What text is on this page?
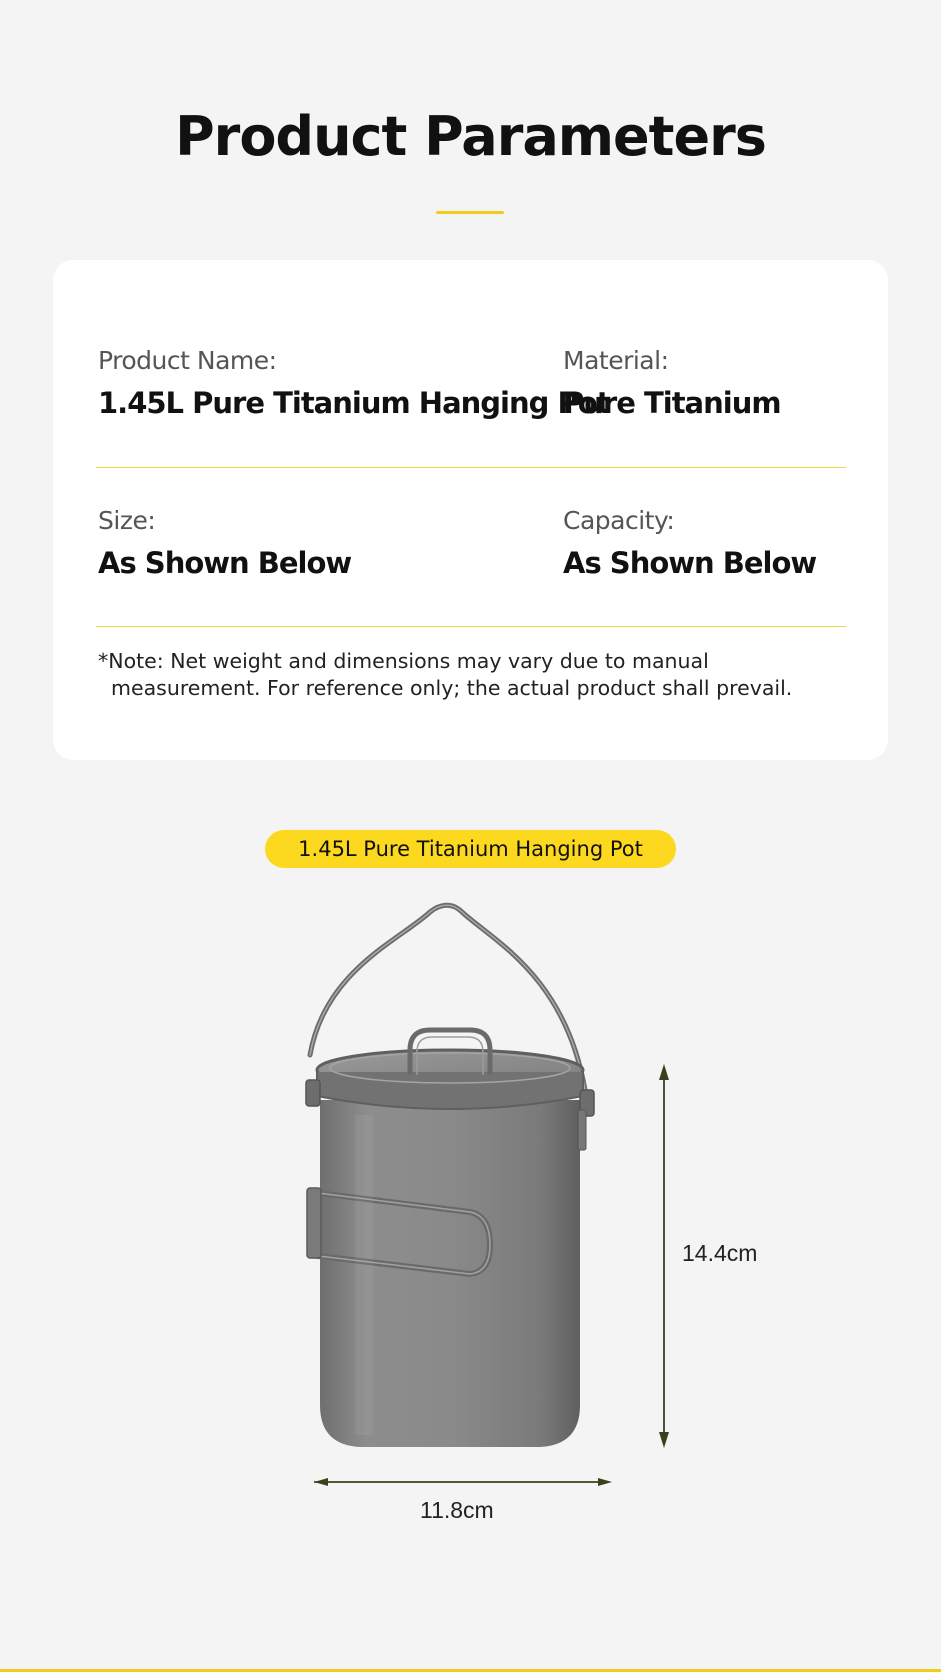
Product Parameters
Product Name:
1.45L Pure Titanium Hanging Pot
Material:
Pure Titanium
Size:
As Shown Below
Capacity:
As Shown Below
*Note: Net weight and dimensions may vary due to manual
measurement. For reference only; the actual product shall prevail.
1.45L Pure Titanium Hanging Pot
14.4cm
11.8cm
